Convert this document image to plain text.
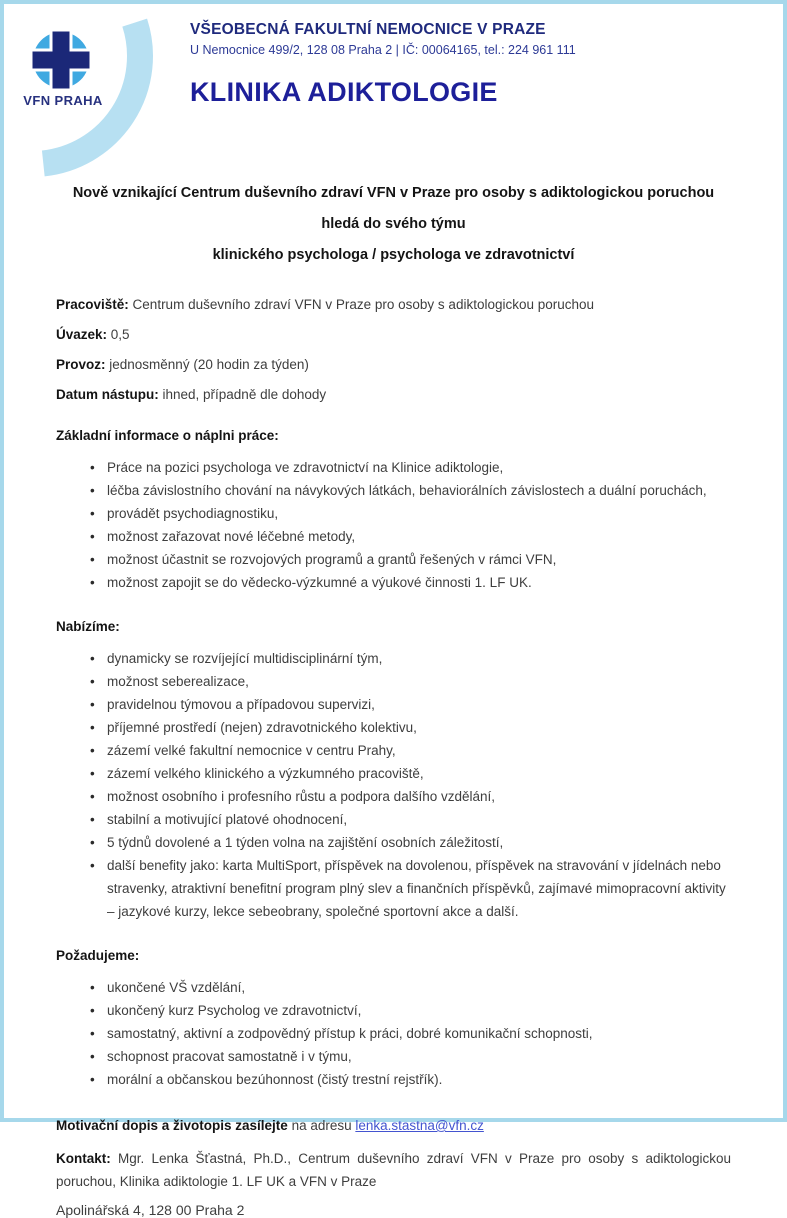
VFN PRAHA
VŠEOBECNÁ FAKULTNÍ NEMOCNICE V PRAZE
U Nemocnice 499/2, 128 08 Praha 2 | IČ: 00064165, tel.: 224 961 111
KLINIKA ADIKTOLOGIE
Nově vznikající Centrum duševního zdraví VFN v Praze pro osoby s adiktologickou poruchou
hledá do svého týmu
klinického psychologa / psychologa ve zdravotnictví
Pracoviště: Centrum duševního zdraví VFN v Praze pro osoby s adiktologickou poruchou
Úvazek: 0,5
Provoz: jednosměnný (20 hodin za týden)
Datum nástupu: ihned, případně dle dohody
Základní informace o náplni práce:
• Práce na pozici psychologa ve zdravotnictví na Klinice adiktologie,
• léčba závislostního chování na návykových látkách, behaviorálních závislostech a duální poruchách,
• provádět psychodiagnostiku,
• možnost zařazovat nové léčebné metody,
• možnost účastnit se rozvojových programů a grantů řešených v rámci VFN,
• možnost zapojit se do vědecko-výzkumné a výukové činnosti 1. LF UK.
Nabízíme:
• dynamicky se rozvíjející multidisciplinární tým,
• možnost seberealizace,
• pravidelnou týmovou a případovou supervizi,
• příjemné prostředí (nejen) zdravotnického kolektivu,
• zázemí velké fakultní nemocnice v centru Prahy,
• zázemí velkého klinického a výzkumného pracoviště,
• možnost osobního i profesního růstu a podpora dalšího vzdělání,
• stabilní a motivující platové ohodnocení,
• 5 týdnů dovolené a 1 týden volna na zajištění osobních záležitostí,
• další benefity jako: karta MultiSport, příspěvek na dovolenou, příspěvek na stravování v jídelnách nebo stravenky, atraktivní benefitní program plný slev a finančních příspěvků, zajímavé mimopracovní aktivity – jazykové kurzy, lekce sebeobrany, společné sportovní akce a další.
Požadujeme:
• ukončené VŠ vzdělání,
• ukončený kurz Psycholog ve zdravotnictví,
• samostatný, aktivní a zodpovědný přístup k práci, dobré komunikační schopnosti,
• schopnost pracovat samostatně i v týmu,
• morální a občanskou bezúhonnost (čistý trestní rejstřík).
Motivační dopis a životopis zasílejte na adresu lenka.stastna@vfn.cz
Kontakt: Mgr. Lenka Šťastná, Ph.D., Centrum duševního zdraví VFN v Praze pro osoby s adiktologickou poruchou, Klinika adiktologie 1. LF UK a VFN v Praze
Apolinářská 4, 128 00 Praha 2
